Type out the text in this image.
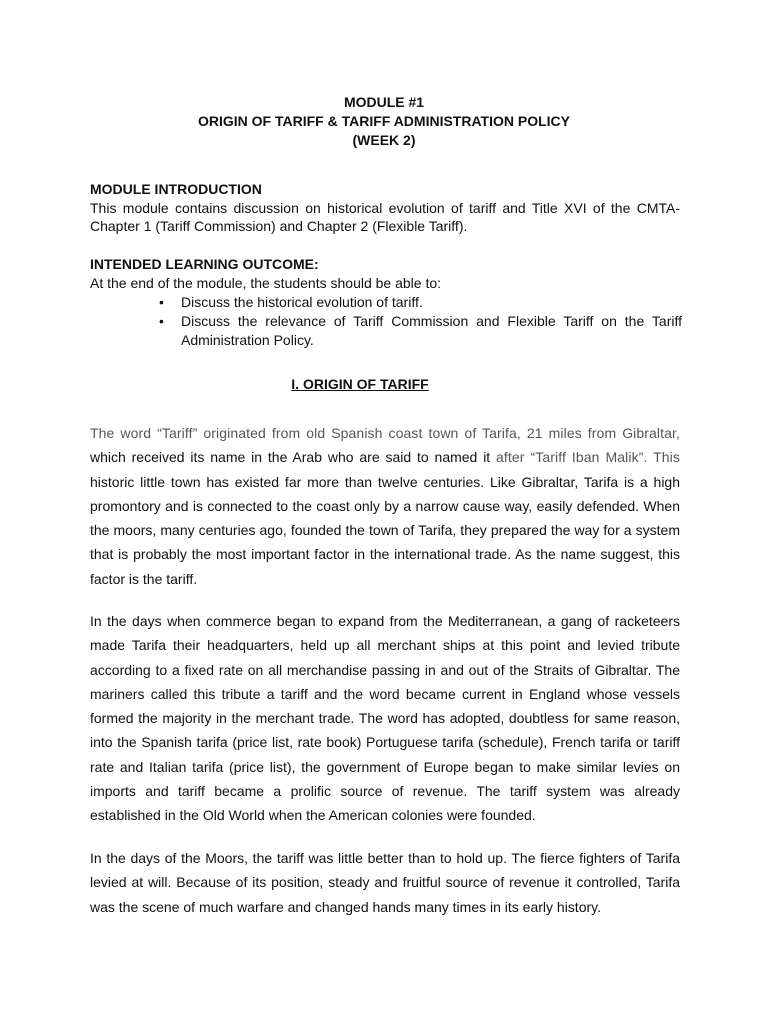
MODULE #1
ORIGIN OF TARIFF & TARIFF ADMINISTRATION POLICY
(WEEK 2)
MODULE INTRODUCTION
This module contains discussion on historical evolution of tariff and Title XVI of the CMTA-Chapter 1 (Tariff Commission) and Chapter 2 (Flexible Tariff).
INTENDED LEARNING OUTCOME:
At the end of the module, the students should be able to:
• Discuss the historical evolution of tariff.
• Discuss the relevance of Tariff Commission and Flexible Tariff on the Tariff Administration Policy.
I. ORIGIN OF TARIFF
The word “Tariff” originated from old Spanish coast town of Tarifa, 21 miles from Gibraltar, which received its name in the Arab who are said to named it after “Tariff Iban Malik”. This historic little town has existed far more than twelve centuries. Like Gibraltar, Tarifa is a high promontory and is connected to the coast only by a narrow cause way, easily defended. When the moors, many centuries ago, founded the town of Tarifa, they prepared the way for a system that is probably the most important factor in the international trade. As the name suggest, this factor is the tariff.
In the days when commerce began to expand from the Mediterranean, a gang of racketeers made Tarifa their headquarters, held up all merchant ships at this point and levied tribute according to a fixed rate on all merchandise passing in and out of the Straits of Gibraltar. The mariners called this tribute a tariff and the word became current in England whose vessels formed the majority in the merchant trade. The word has adopted, doubtless for same reason, into the Spanish tarifa (price list, rate book) Portuguese tarifa (schedule), French tarifa or tariff rate and Italian tarifa (price list), the government of Europe began to make similar levies on imports and tariff became a prolific source of revenue. The tariff system was already established in the Old World when the American colonies were founded.
In the days of the Moors, the tariff was little better than to hold up. The fierce fighters of Tarifa levied at will. Because of its position, steady and fruitful source of revenue it controlled, Tarifa was the scene of much warfare and changed hands many times in its early history.
